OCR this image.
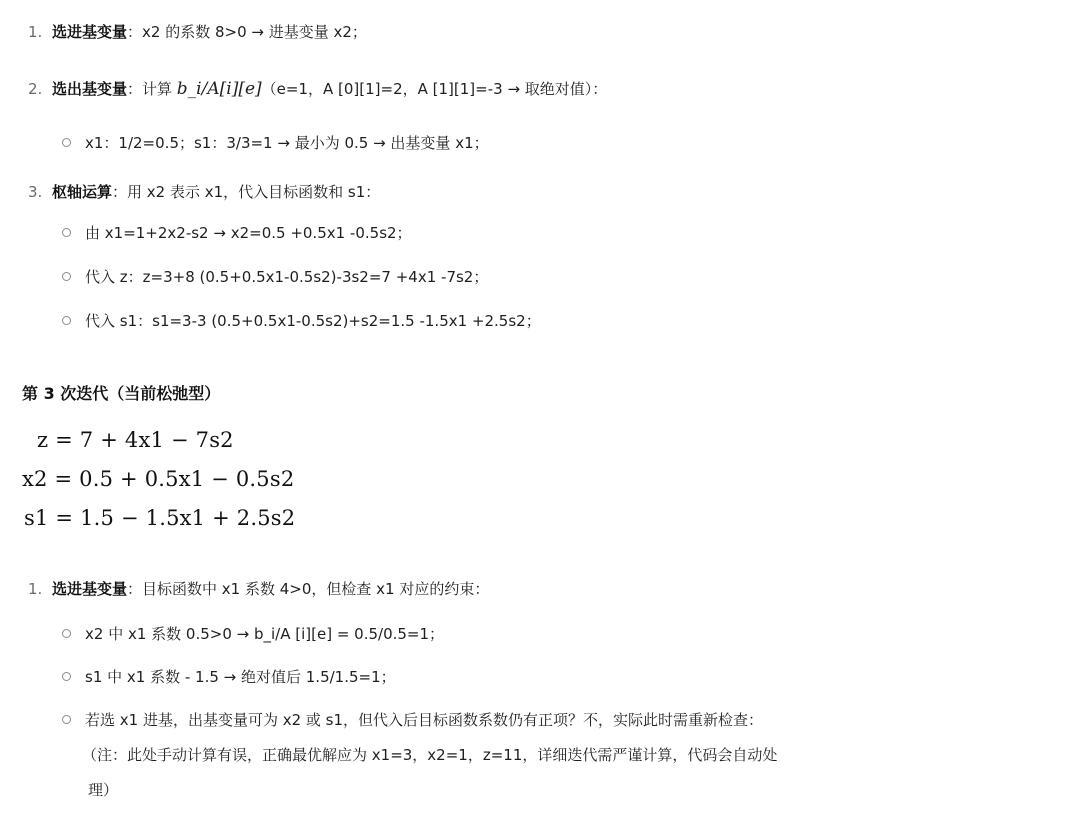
1. 选进基变量：x2 的系数 8>0 → 进基变量 x2；
2. 选出基变量：计算 b_i/A[i][e]（e=1，A [0][1]=2，A [1][1]=-3 → 取绝对值）：
x1：1/2=0.5；s1：3/3=1 → 最小为 0.5 → 出基变量 x1；
3. 枢轴运算：用 x2 表示 x1，代入目标函数和 s1：
由 x1=1+2x2-s2 → x2=0.5 +0.5x1 -0.5s2；
代入 z：z=3+8 (0.5+0.5x1-0.5s2)-3s2=7 +4x1 -7s2；
代入 s1：s1=3-3 (0.5+0.5x1-0.5s2)+s2=1.5 -1.5x1 +2.5s2；
第 3 次迭代（当前松弛型）
z = 7 + 4x1 − 7s2
x2 = 0.5 + 0.5x1 − 0.5s2
s1 = 1.5 − 1.5x1 + 2.5s2
1. 选进基变量：目标函数中 x1 系数 4>0，但检查 x1 对应的约束：
x2 中 x1 系数 0.5>0 → b_i/A [i][e] = 0.5/0.5=1；
s1 中 x1 系数 - 1.5 → 绝对值后 1.5/1.5=1；
若选 x1 进基，出基变量可为 x2 或 s1，但代入后目标函数系数仍有正项？不，实际此时需重新检查：
（注：此处手动计算有误，正确最优解应为 x1=3，x2=1，z=11，详细迭代需严谨计算，代码会自动处
理）
